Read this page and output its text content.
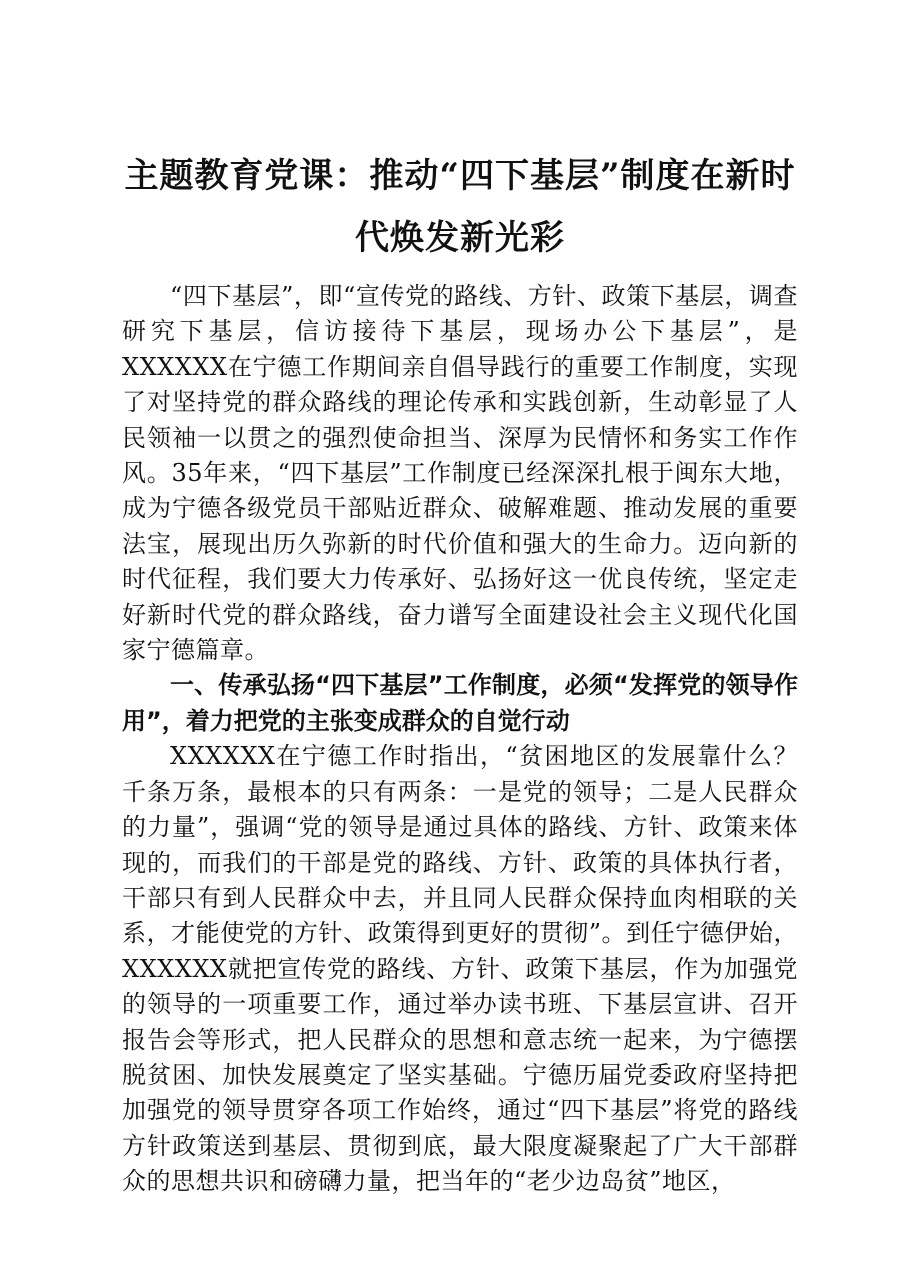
主题教育党课：推动“四下基层”制度在新时
代焕发新光彩

“四下基层”，即“宣传党的路线、方针、政策下基层，调查研究下基层，信访接待下基层，现场办公下基层”，是XXXXXX在宁德工作期间亲自倡导践行的重要工作制度，实现了对坚持党的群众路线的理论传承和实践创新，生动彰显了人民领袖一以贯之的强烈使命担当、深厚为民情怀和务实工作作风。35年来，“四下基层”工作制度已经深深扎根于闽东大地，成为宁德各级党员干部贴近群众、破解难题、推动发展的重要法宝，展现出历久弥新的时代价值和强大的生命力。迈向新的时代征程，我们要大力传承好、弘扬好这一优良传统，坚定走好新时代党的群众路线，奋力谱写全面建设社会主义现代化国家宁德篇章。

一、传承弘扬“四下基层”工作制度，必须“发挥党的领导作用”，着力把党的主张变成群众的自觉行动

XXXXXX在宁德工作时指出，“贫困地区的发展靠什么？千条万条，最根本的只有两条：一是党的领导；二是人民群众的力量”，强调“党的领导是通过具体的路线、方针、政策来体现的，而我们的干部是党的路线、方针、政策的具体执行者，干部只有到人民群众中去，并且同人民群众保持血肉相联的关系，才能使党的方针、政策得到更好的贯彻”。到任宁德伊始，XXXXXX就把宣传党的路线、方针、政策下基层，作为加强党的领导的一项重要工作，通过举办读书班、下基层宣讲、召开报告会等形式，把人民群众的思想和意志统一起来，为宁德摆脱贫困、加快发展奠定了坚实基础。宁德历届党委政府坚持把加强党的领导贯穿各项工作始终，通过“四下基层”将党的路线方针政策送到基层、贯彻到底，最大限度凝聚起了广大干部群众的思想共识和磅礴力量，把当年的“老少边岛贫”地区，
